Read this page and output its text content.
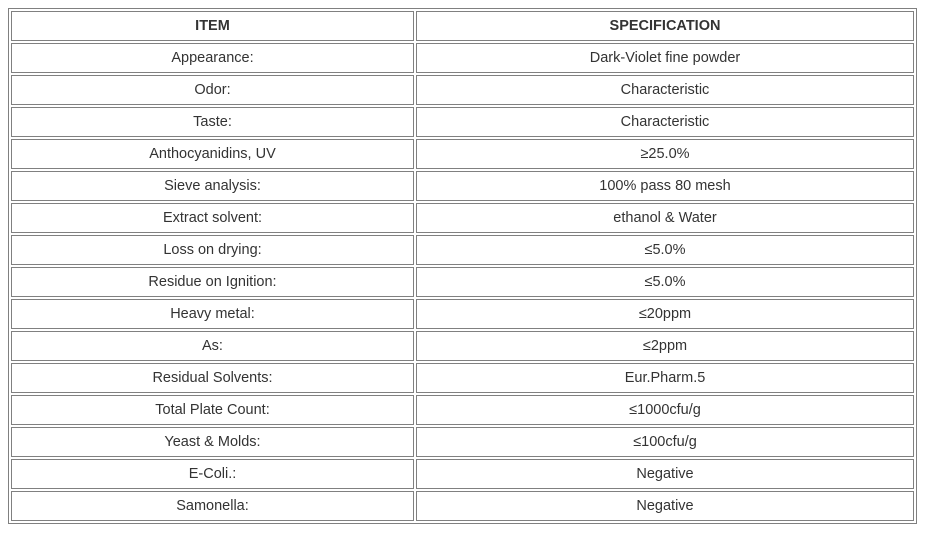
ITEM	SPECIFICATION
Appearance:	Dark-Violet fine powder
Odor:	Characteristic
Taste:	Characteristic
Anthocyanidins, UV	≥25.0%
Sieve analysis:	100% pass 80 mesh
Extract solvent:	ethanol & Water
Loss on drying:	≤5.0%
Residue on Ignition:	≤5.0%
Heavy metal:	≤20ppm
As:	≤2ppm
Residual Solvents:	Eur.Pharm.5
Total Plate Count:	≤1000cfu/g
Yeast & Molds:	≤100cfu/g
E-Coli.:	Negative
Samonella:	Negative
